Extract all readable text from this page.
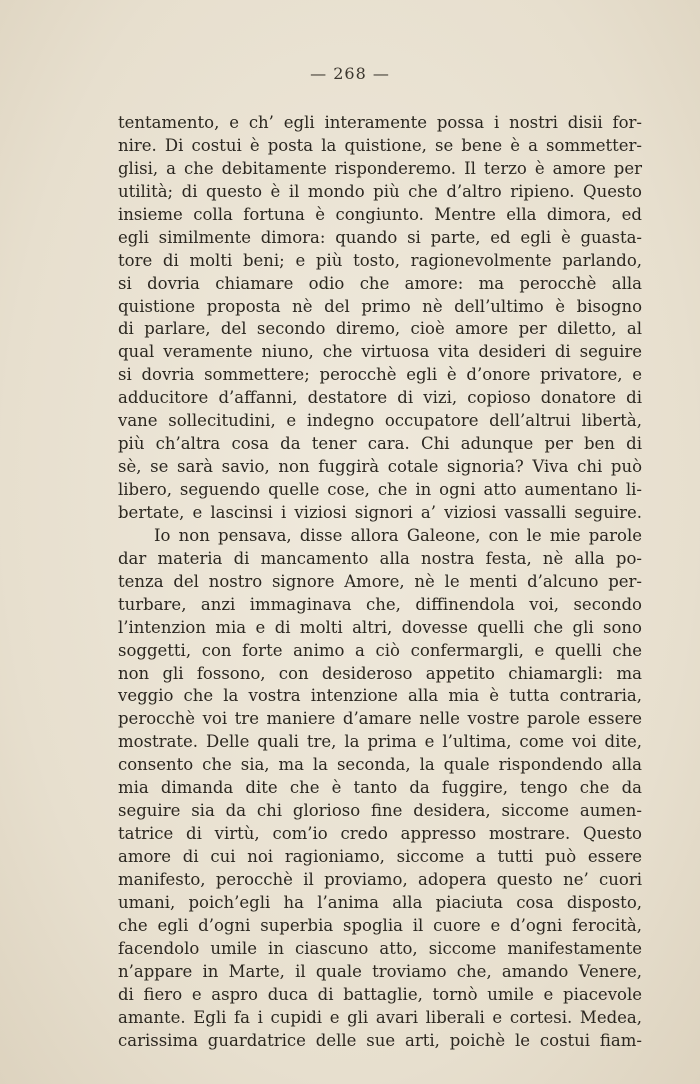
— 268 —
tentamento, e ch’ egli interamente possa i nostri disii for-
nire. Di costui è posta la quistione, se bene è a sommetter-
glisi, a che debitamente risponderemo. Il terzo è amore per
utilità; di questo è il mondo più che d’altro ripieno. Questo
insieme colla fortuna è congiunto. Mentre ella dimora, ed
egli similmente dimora: quando si parte, ed egli è guasta-
tore di molti beni; e più tosto, ragionevolmente parlando,
si dovria chiamare odio che amore: ma perocchè alla
quistione proposta nè del primo nè dell’ultimo è bisogno
di parlare, del secondo diremo, cioè amore per diletto, al
qual veramente niuno, che virtuosa vita desideri di seguire
si dovria sommettere; perocchè egli è d’onore privatore, e
adducitore d’affanni, destatore di vizi, copioso donatore di
vane sollecitudini, e indegno occupatore dell’altrui libertà,
più ch’altra cosa da tener cara. Chi adunque per ben di
sè, se sarà savio, non fuggirà cotale signoria? Viva chi può
libero, seguendo quelle cose, che in ogni atto aumentano li-
bertate, e lascinsi i viziosi signori a’ viziosi vassalli seguire.
Io non pensava, disse allora Galeone, con le mie parole
dar materia di mancamento alla nostra festa, nè alla po-
tenza del nostro signore Amore, nè le menti d’alcuno per-
turbare, anzi immaginava che, diffinendola voi, secondo
l’intenzion mia e di molti altri, dovesse quelli che gli sono
soggetti, con forte animo a ciò confermargli, e quelli che
non gli fossono, con desideroso appetito chiamargli: ma
veggio che la vostra intenzione alla mia è tutta contraria,
perocchè voi tre maniere d’amare nelle vostre parole essere
mostrate. Delle quali tre, la prima e l’ultima, come voi dite,
consento che sia, ma la seconda, la quale rispondendo alla
mia dimanda dite che è tanto da fuggire, tengo che da
seguire sia da chi glorioso fine desidera, siccome aumen-
tatrice di virtù, com’io credo appresso mostrare. Questo
amore di cui noi ragioniamo, siccome a tutti può essere
manifesto, perocchè il proviamo, adopera questo ne’ cuori
umani, poich’egli ha l’anima alla piaciuta cosa disposto,
che egli d’ogni superbia spoglia il cuore e d’ogni ferocità,
facendolo umile in ciascuno atto, siccome manifestamente
n’appare in Marte, il quale troviamo che, amando Venere,
di fiero e aspro duca di battaglie, tornò umile e piacevole
amante. Egli fa i cupidi e gli avari liberali e cortesi. Medea,
carissima guardatrice delle sue arti, poichè le costui fiam-
